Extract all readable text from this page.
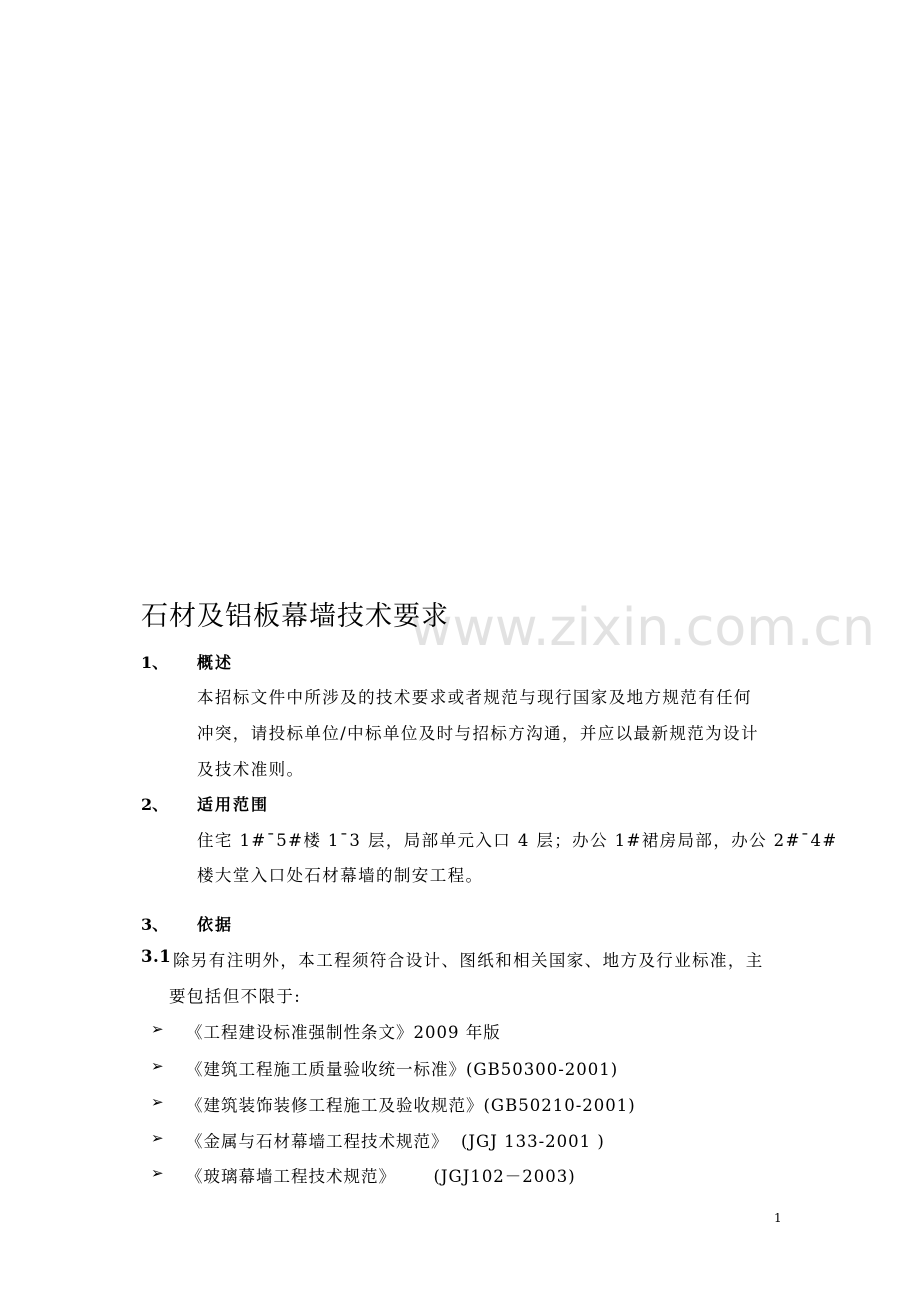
www.zixin.com.cn
石材及铝板幕墙技术要求
1、 概述
本招标文件中所涉及的技术要求或者规范与现行国家及地方规范有任何
冲突，请投标单位/中标单位及时与招标方沟通，并应以最新规范为设计
及技术准则。
2、 适用范围
住宅 1#¯5#楼 1¯3 层，局部单元入口 4 层；办公 1#裙房局部，办公 2#¯4#
楼大堂入口处石材幕墙的制安工程。
3、 依据
3.1 除另有注明外，本工程须符合设计、图纸和相关国家、地方及行业标准，主
要包括但不限于:
➢ 《工程建设标准强制性条文》2009 年版
➢ 《建筑工程施工质量验收统一标准》(GB50300-2001)
➢ 《建筑装饰装修工程施工及验收规范》(GB50210-2001)
➢ 《金属与石材幕墙工程技术规范》  (JGJ 133-2001 )
➢ 《玻璃幕墙工程技术规范》      (JGJ102－2003)
1
